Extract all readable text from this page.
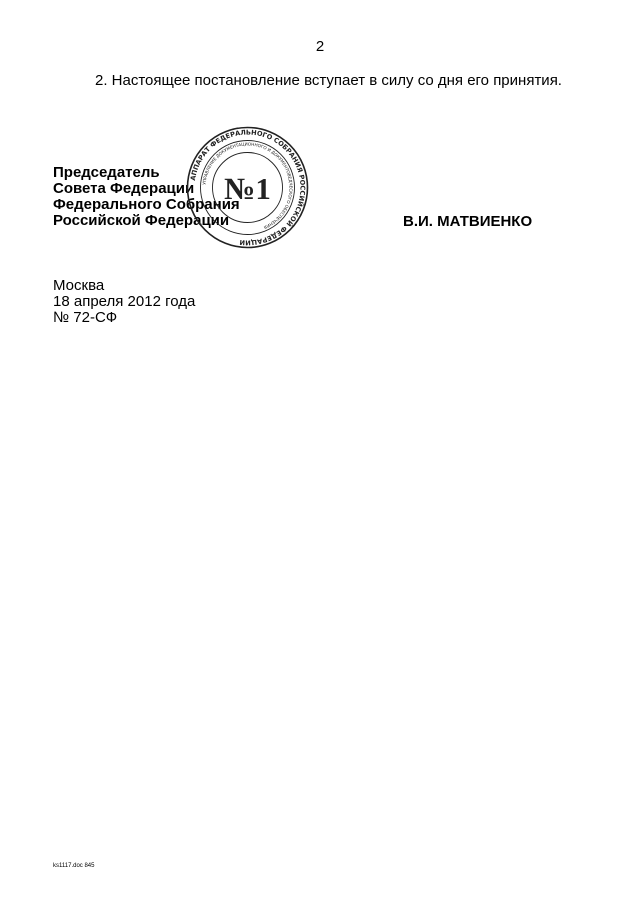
2
2. Настоящее постановление вступает в силу со дня его принятия.
Председатель
Совета Федерации
Федерального Собрания
Российской Федерации	В.И. МАТВИЕНКО
АППАРАТ ФЕДЕРАЛЬНОГО СОБРАНИЯ РОССИЙСКОЙ ФЕДЕРАЦИИ
УПРАВЛЕНИЕ ДОКУМЕНТАЦИОННОГО И ДОКУМЕНТОВЕДЧЕСКОГО ОБЕСПЕЧЕНИЯ
№1
Москва
18 апреля 2012 года
№ 72-СФ
ks1117.doc 845
